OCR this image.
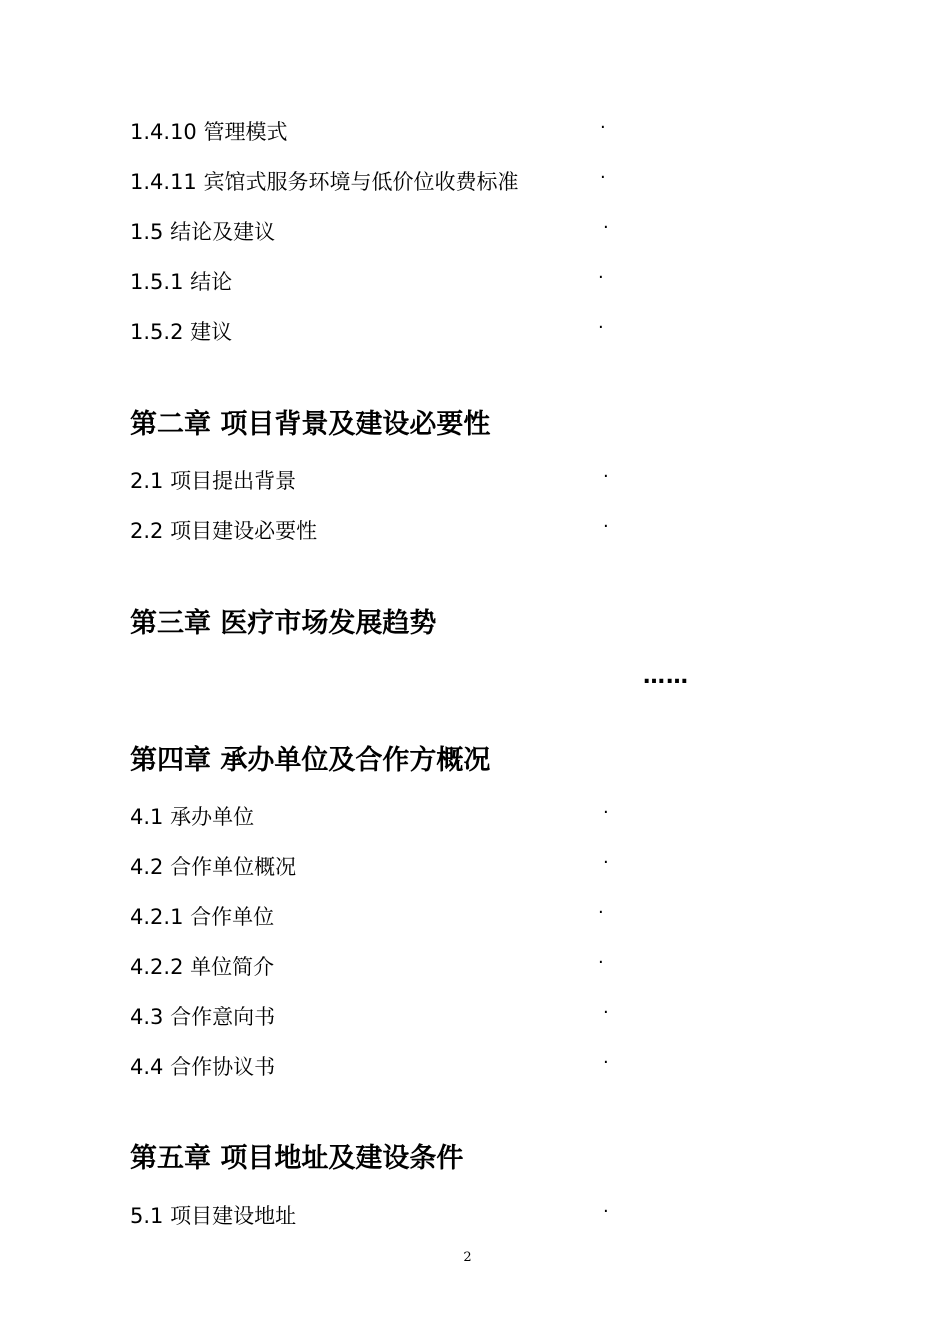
1.4.10 管理模式	·
1.4.11 宾馆式服务环境与低价位收费标准	·
1.5 结论及建议	·
1.5.1 结论	·
1.5.2 建议	·
第二章 项目背景及建设必要性
2.1 项目提出背景	·
2.2 项目建设必要性	·
第三章 医疗市场发展趋势
……
第四章 承办单位及合作方概况
4.1 承办单位	·
4.2 合作单位概况	·
4.2.1 合作单位	·
4.2.2 单位简介	·
4.3 合作意向书	·
4.4 合作协议书	·
第五章 项目地址及建设条件
5.1 项目建设地址	·
2
